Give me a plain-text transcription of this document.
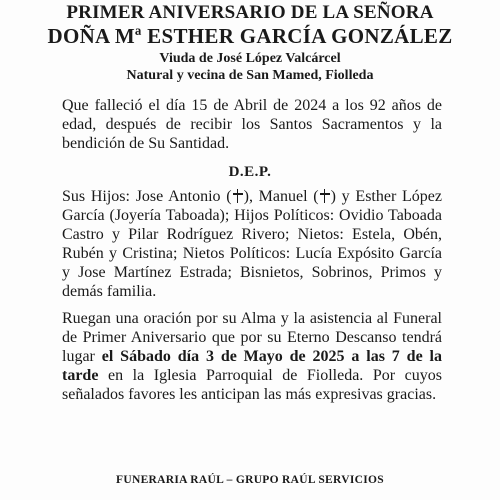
PRIMER ANIVERSARIO DE LA SEÑORA
DOÑA Mª ESTHER GARCÍA GONZÁLEZ
Viuda de José López Valcárcel
Natural y vecina de San Mamed, Fiolleda
Que falleció el día 15 de Abril de 2024 a los 92 años de edad, después de recibir los Santos Sacramentos y la bendición de Su Santidad.
D.E.P.
Sus Hijos: Jose Antonio ( ), Manuel ( ) y Esther López García (Joyería Taboada); Hijos Políticos: Ovidio Taboada Castro y Pilar Rodríguez Rivero; Nietos: Estela, Obén, Rubén y Cristina; Nietos Políticos: Lucía Expósito García y Jose Martínez Estrada; Bisnietos, Sobrinos, Primos y demás familia.
Ruegan una oración por su Alma y la asistencia al Funeral de Primer Aniversario que por su Eterno Descanso tendrá lugar el Sábado día 3 de Mayo de 2025 a las 7 de la tarde en la Iglesia Parroquial de Fiolleda. Por cuyos señalados favores les anticipan las más expresivas gracias.
FUNERARIA RAÚL – GRUPO RAÚL SERVICIOS
